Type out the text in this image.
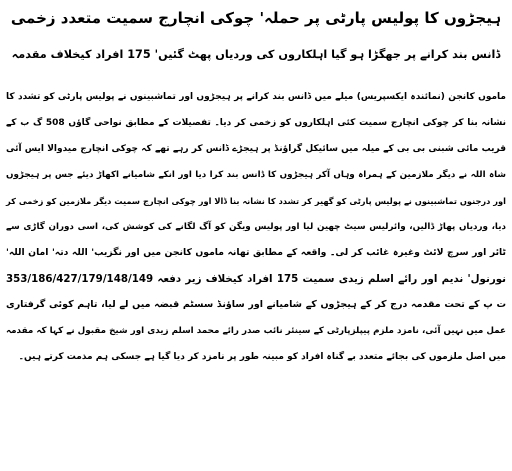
ہیجڑوں کا پولیس پارٹی پر حملہ' چوکی انچارج سمیت متعدد زخمی
ڈانس بند کرانے پر جھگڑا ہو گیا اہلکاروں کی وردیاں پھٹ گئیں' 175 افراد کیخلاف مقدمہ
ماموں کانجن (نمائندہ ایکسپریس) میلے میں ڈانس بند کرانے پر ہیجڑوں اور تماشبینوں نے پولیس پارٹی کو تشدد کا
نشانہ بنا کر چوکی انچارج سمیت کئی اہلکاروں کو زخمی کر دیا۔ تفصیلات کے مطابق نواحی گاؤں 508 گ ب کے
قریب مائی شبنی بی بی کے میلہ میں سائیکل گراؤنڈ پر ہیجڑے ڈانس کر رہے تھے کہ چوکی انچارج میدوالا ایس آئی
شاہ اللہ نے دیگر ملازمین کے ہمراہ وہاں آکر ہیجڑوں کا ڈانس بند کرا دیا اور انکے شامیانے اکھاڑ دیئے جس پر ہیجڑوں
اور درجنوں تماشبینوں نے پولیس پارٹی کو گھیر کر تشدد کا نشانہ بنا ڈالا اور چوکی انچارج سمیت دیگر ملازمین کو زخمی کر
دیا، وردیاں پھاڑ ڈالیں، وائرلیس سیٹ چھین لیا اور پولیس ویگن کو آگ لگانے کی کوشش کی، اسی دوران گاڑی سے
ٹائر اور سرچ لائٹ وغیرہ غائب کر لی۔ واقعہ کے مطابق تھانہ ماموں کانجن میں اور نگزیب' اللہ دتہ' امان اللہ'
نورنول' ندیم اور رائے اسلم زیدی سمیت 175 افراد کیخلاف زیر دفعہ 353/186/427/179/148/149
ت پ کے تحت مقدمہ درج کر کے ہیجڑوں کے شامیانے اور ساؤنڈ سسٹم قبضہ میں لے لیا، تاہم کوئی گرفتاری
عمل میں نہیں آئی، نامزد ملزم پیپلزپارٹی کے سینئر نائب صدر رائے محمد اسلم زیدی اور شیخ مقبول نے کہا کہ مقدمہ
میں اصل ملزموں کی بجائے متعدد بے گناہ افراد کو مبینہ طور پر نامزد کر دیا گیا ہے جسکی ہم مذمت کرتے ہیں۔
